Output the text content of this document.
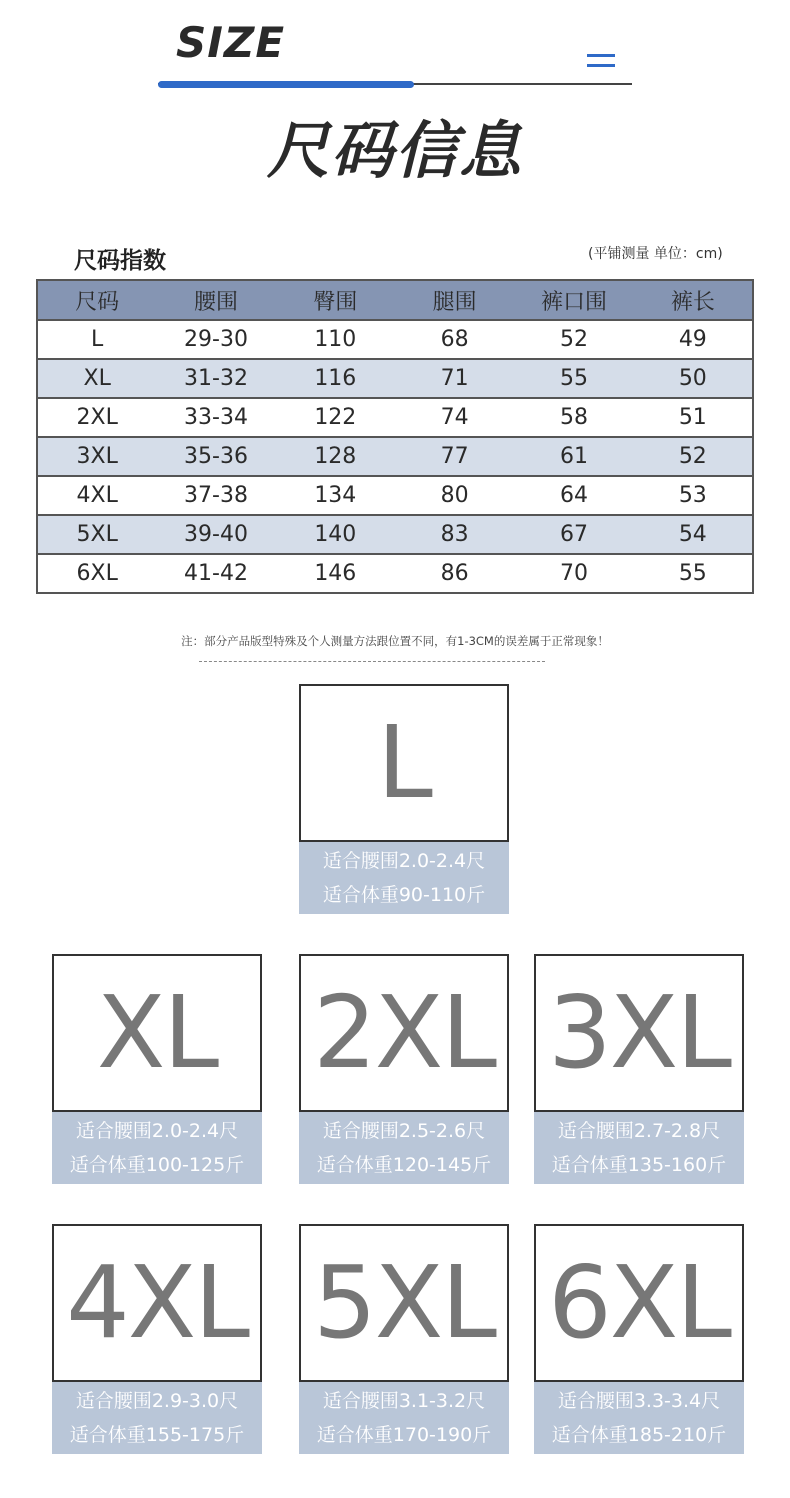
SIZE
尺码信息
尺码指数	(平铺测量 单位：cm)
尺码	腰围	臀围	腿围	裤口围	裤长
L	29-30	110	68	52	49
XL	31-32	116	71	55	50
2XL	33-34	122	74	58	51
3XL	35-36	128	77	61	52
4XL	37-38	134	80	64	53
5XL	39-40	140	83	67	54
6XL	41-42	146	86	70	55
注：部分产品版型特殊及个人测量方法跟位置不同，有1-3CM的误差属于正常现象！
L
适合腰围2.0-2.4尺
适合体重90-110斤
XL
适合腰围2.0-2.4尺
适合体重100-125斤
2XL
适合腰围2.5-2.6尺
适合体重120-145斤
3XL
适合腰围2.7-2.8尺
适合体重135-160斤
4XL
适合腰围2.9-3.0尺
适合体重155-175斤
5XL
适合腰围3.1-3.2尺
适合体重170-190斤
6XL
适合腰围3.3-3.4尺
适合体重185-210斤
